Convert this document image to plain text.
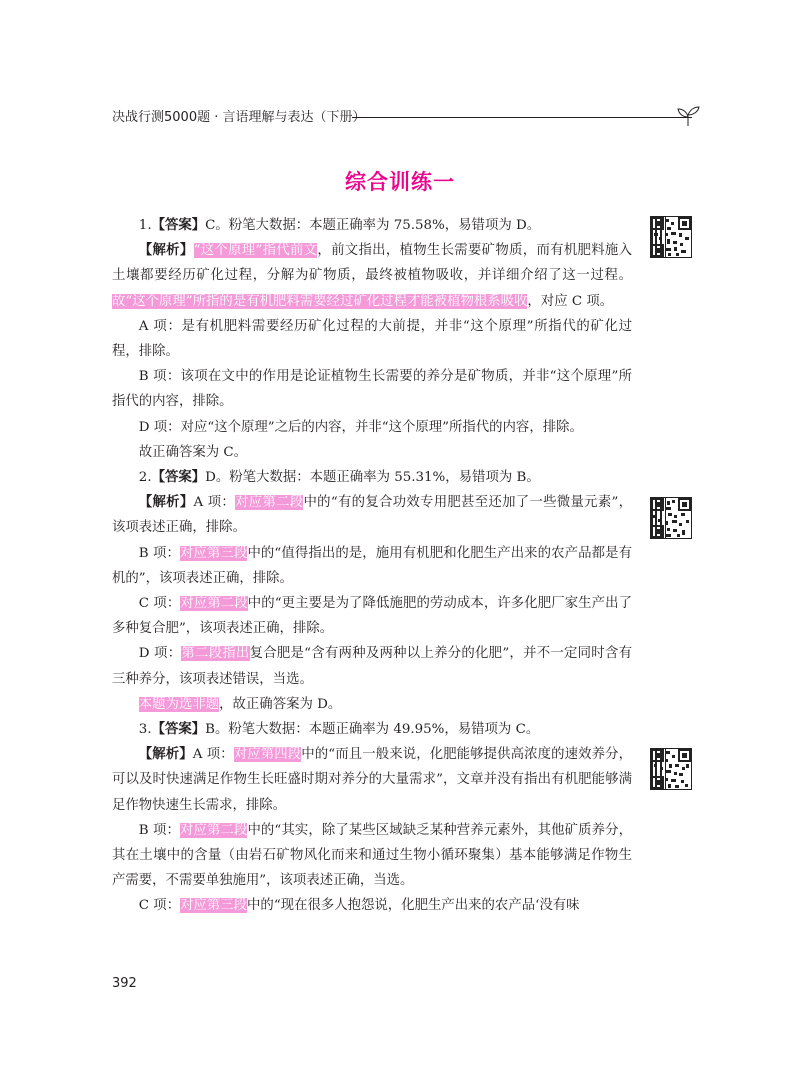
决战行测5000题 · 言语理解与表达（下册）
综合训练一

1.【答案】C。粉笔大数据：本题正确率为 75.58%，易错项为 D。

【解析】“这个原理”指代前文，前文指出，植物生长需要矿物质，而有机肥料施入土壤都要经历矿化过程，分解为矿物质，最终被植物吸收，并详细介绍了这一过程。故“这个原理”所指的是有机肥料需要经过矿化过程才能被植物根系吸收，对应 C 项。

A 项：是有机肥料需要经历矿化过程的大前提，并非“这个原理”所指代的矿化过程，排除。

B 项：该项在文中的作用是论证植物生长需要的养分是矿物质，并非“这个原理”所指代的内容，排除。

D 项：对应“这个原理”之后的内容，并非“这个原理”所指代的内容，排除。

故正确答案为 C。

2.【答案】D。粉笔大数据：本题正确率为 55.31%，易错项为 B。

【解析】A 项：对应第二段中的“有的复合功效专用肥甚至还加了一些微量元素”，该项表述正确，排除。

B 项：对应第三段中的“值得指出的是，施用有机肥和化肥生产出来的农产品都是有机的”，该项表述正确，排除。

C 项：对应第二段中的“更主要是为了降低施肥的劳动成本，许多化肥厂家生产出了多种复合肥”，该项表述正确，排除。

D 项：第二段指出复合肥是“含有两种及两种以上养分的化肥”，并不一定同时含有三种养分，该项表述错误，当选。

本题为选非题，故正确答案为 D。

3.【答案】B。粉笔大数据：本题正确率为 49.95%，易错项为 C。

【解析】A 项：对应第四段中的“而且一般来说，化肥能够提供高浓度的速效养分，可以及时快速满足作物生长旺盛时期对养分的大量需求”，文章并没有指出有机肥能够满足作物快速生长需求，排除。

B 项：对应第二段中的“其实，除了某些区域缺乏某种营养元素外，其他矿质养分，其在土壤中的含量（由岩石矿物风化而来和通过生物小循环聚集）基本能够满足作物生产需要，不需要单独施用”，该项表述正确，当选。

C 项：对应第三段中的“现在很多人抱怨说，化肥生产出来的农产品‘没有味

392
